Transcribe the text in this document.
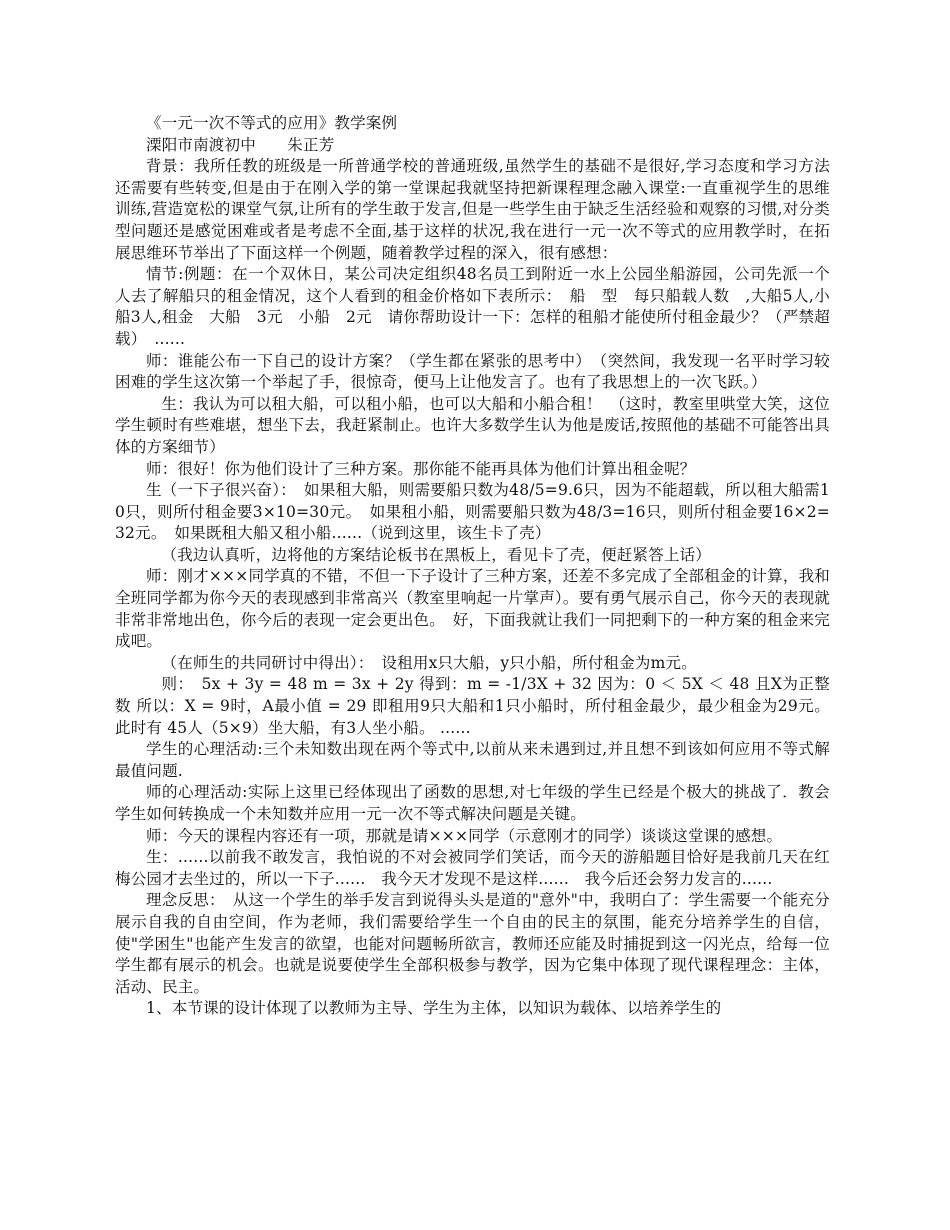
《一元一次不等式的应用》教学案例

溧阳市南渡初中　　朱正芳

背景：我所任教的班级是一所普通学校的普通班级,虽然学生的基础不是很好,学习态度和学习方法还需要有些转变,但是由于在刚入学的第一堂课起我就坚持把新课程理念融入课堂:一直重视学生的思维训练,营造宽松的课堂气氛,让所有的学生敢于发言,但是一些学生由于缺乏生活经验和观察的习惯,对分类型问题还是感觉困难或者是考虑不全面,基于这样的状况,我在进行一元一次不等式的应用教学时，在拓展思维环节举出了下面这样一个例题，随着教学过程的深入，很有感想：

情节:例题：在一个双休日，某公司决定组织48名员工到附近一水上公园坐船游园，公司先派一个人去了解船只的租金情况，这个人看到的租金价格如下表所示：　船　型　每只船载人数　,大船5人,小船3人,租金　大船　3元　小船　2元　请你帮助设计一下：怎样的租船才能使所付租金最少？（严禁超载）　......

师：谁能公布一下自己的设计方案？（学生都在紧张的思考中）　（突然间，我发现一名平时学习较困难的学生这次第一个举起了手，很惊奇，便马上让他发言了。也有了我思想上的一次飞跃。）

生：我认为可以租大船，可以租小船，也可以大船和小船合租！　（这时，教室里哄堂大笑，这位学生顿时有些难堪，想坐下去，我赶紧制止。也许大多数学生认为他是废话,按照他的基础不可能答出具体的方案细节）

师：很好！你为他们设计了三种方案。那你能不能再具体为他们计算出租金呢？

生（一下子很兴奋）：　如果租大船，则需要船只数为48/5=9.6只，因为不能超载，所以租大船需10只，则所付租金要3×10=30元。　如果租小船，则需要船只数为48/3=16只，则所付租金要16×2=32元。　如果既租大船又租小船......（说到这里，该生卡了壳）

（我边认真听，边将他的方案结论板书在黑板上，看见卡了壳，便赶紧答上话）

师：刚才×××同学真的不错，不但一下子设计了三种方案，还差不多完成了全部租金的计算，我和全班同学都为你今天的表现感到非常高兴（教室里响起一片掌声）。要有勇气展示自己，你今天的表现就非常非常地出色，你今后的表现一定会更出色。　好，下面我就让我们一同把剩下的一种方案的租金来完成吧。

（在师生的共同研讨中得出）：　设租用x只大船，y只小船，所付租金为m元。

则：　5x + 3y = 48 m = 3x + 2y 得到：m = -1/3X + 32 因为：0 ＜ 5X ＜ 48 且X为正整数 所以：X = 9时，A最小值 = 29 即租用9只大船和1只小船时，所付租金最少，最少租金为29元。此时有 45人（5×9）坐大船，有3人坐小船。 ......

学生的心理活动:三个未知数出现在两个等式中,以前从来未遇到过,并且想不到该如何应用不等式解最值问题.

师的心理活动:实际上这里已经体现出了函数的思想,对七年级的学生已经是个极大的挑战了．教会学生如何转换成一个未知数并应用一元一次不等式解决问题是关键。

师：今天的课程内容还有一项，那就是请×××同学（示意刚才的同学）谈谈这堂课的感想。

生：......以前我不敢发言，我怕说的不对会被同学们笑话，而今天的游船题目恰好是我前几天在红梅公园才去坐过的，所以一下子......　我今天才发现不是这样......　我今后还会努力发言的......

理念反思：　从这一个学生的举手发言到说得头头是道的"意外"中，我明白了：学生需要一个能充分展示自我的自由空间，作为老师，我们需要给学生一个自由的民主的氛围，能充分培养学生的自信，使"学困生"也能产生发言的欲望，也能对问题畅所欲言，教师还应能及时捕捉到这一闪光点，给每一位学生都有展示的机会。也就是说要使学生全部积极参与教学，因为它集中体现了现代课程理念：主体，活动、民主。

1、本节课的设计体现了以教师为主导、学生为主体，以知识为载体、以培养学生的
